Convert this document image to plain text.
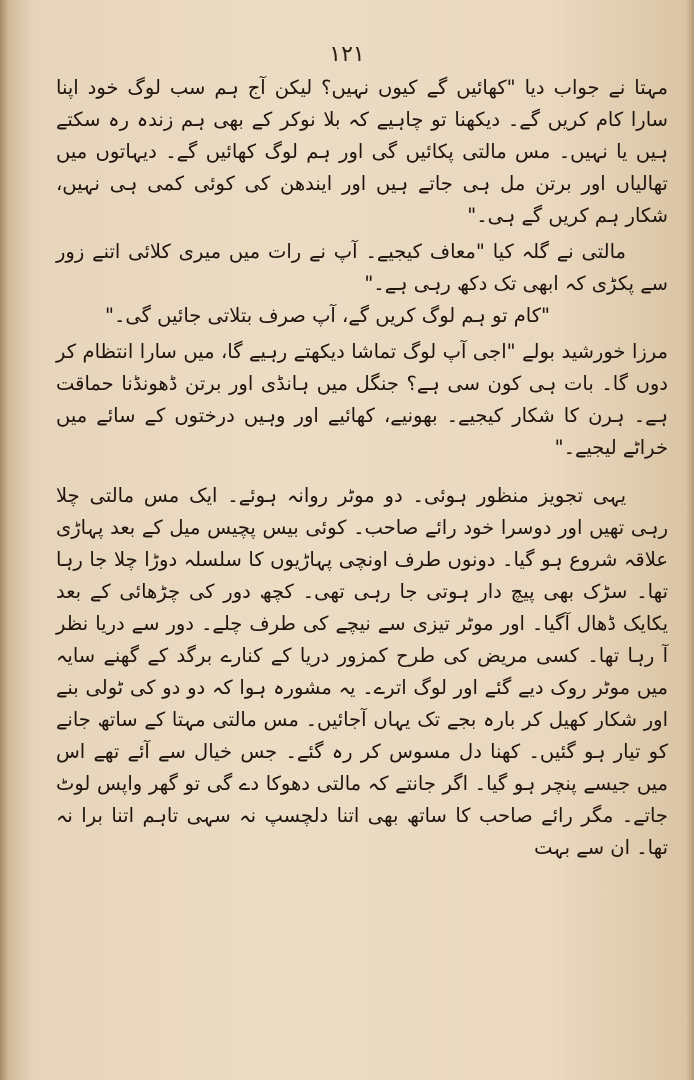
۱۲۱

مہتا نے جواب دیا "کھائیں گے کیوں نہیں؟ لیکن آج ہم سب لوگ خود اپنا سارا کام کریں گے۔ دیکھنا تو چاہیے کہ بلا نوکر کے بھی ہم زندہ رہ سکتے ہیں یا نہیں۔ مس مالتی پکائیں گی اور ہم لوگ کھائیں گے۔ دیہاتوں میں تھالیاں اور برتن مل ہی جاتے ہیں اور ایندھن کی کوئی کمی ہی نہیں، شکار ہم کریں گے ہی۔"

مالتی نے گلہ کیا "معاف کیجیے۔ آپ نے رات میں میری کلائی اتنے زور سے پکڑی کہ ابھی تک دکھ رہی ہے۔"

"کام تو ہم لوگ کریں گے، آپ صرف بتلاتی جائیں گی۔"

مرزا خورشید بولے "اجی آپ لوگ تماشا دیکھتے رہیے گا، میں سارا انتظام کر دوں گا۔ بات ہی کون سی ہے؟ جنگل میں ہانڈی اور برتن ڈھونڈنا حماقت ہے۔ ہرن کا شکار کیجیے۔ بھونیے، کھائیے اور وہیں درختوں کے سائے میں خراٹے لیجیے۔"

یہی تجویز منظور ہوئی۔ دو موٹر روانہ ہوئے۔ ایک مس مالتی چلا رہی تھیں اور دوسرا خود رائے صاحب۔ کوئی بیس پچیس میل کے بعد پہاڑی علاقہ شروع ہو گیا۔ دونوں طرف اونچی پہاڑیوں کا سلسلہ دوڑا چلا جا رہا تھا۔ سڑک بھی پیچ دار ہوتی جا رہی تھی۔ کچھ دور کی چڑھائی کے بعد یکایک ڈھال آگیا۔ اور موٹر تیزی سے نیچے کی طرف چلے۔ دور سے دریا نظر آ رہا تھا۔ کسی مریض کی طرح کمزور دریا کے کنارے برگد کے گھنے سایہ میں موٹر روک دیے گئے اور لوگ اترے۔ یہ مشورہ ہوا کہ دو دو کی ٹولی بنے اور شکار کھیل کر بارہ بجے تک یہاں آجائیں۔ مس مالتی مہتا کے ساتھ جانے کو تیار ہو گئیں۔ کھنا دل مسوس کر رہ گئے۔ جس خیال سے آئے تھے اس میں جیسے پنچر ہو گیا۔ اگر جانتے کہ مالتی دھوکا دے گی تو گھر واپس لوٹ جاتے۔ مگر رائے صاحب کا ساتھ بھی اتنا دلچسپ نہ سہی تاہم اتنا برا نہ تھا۔ ان سے بہت
